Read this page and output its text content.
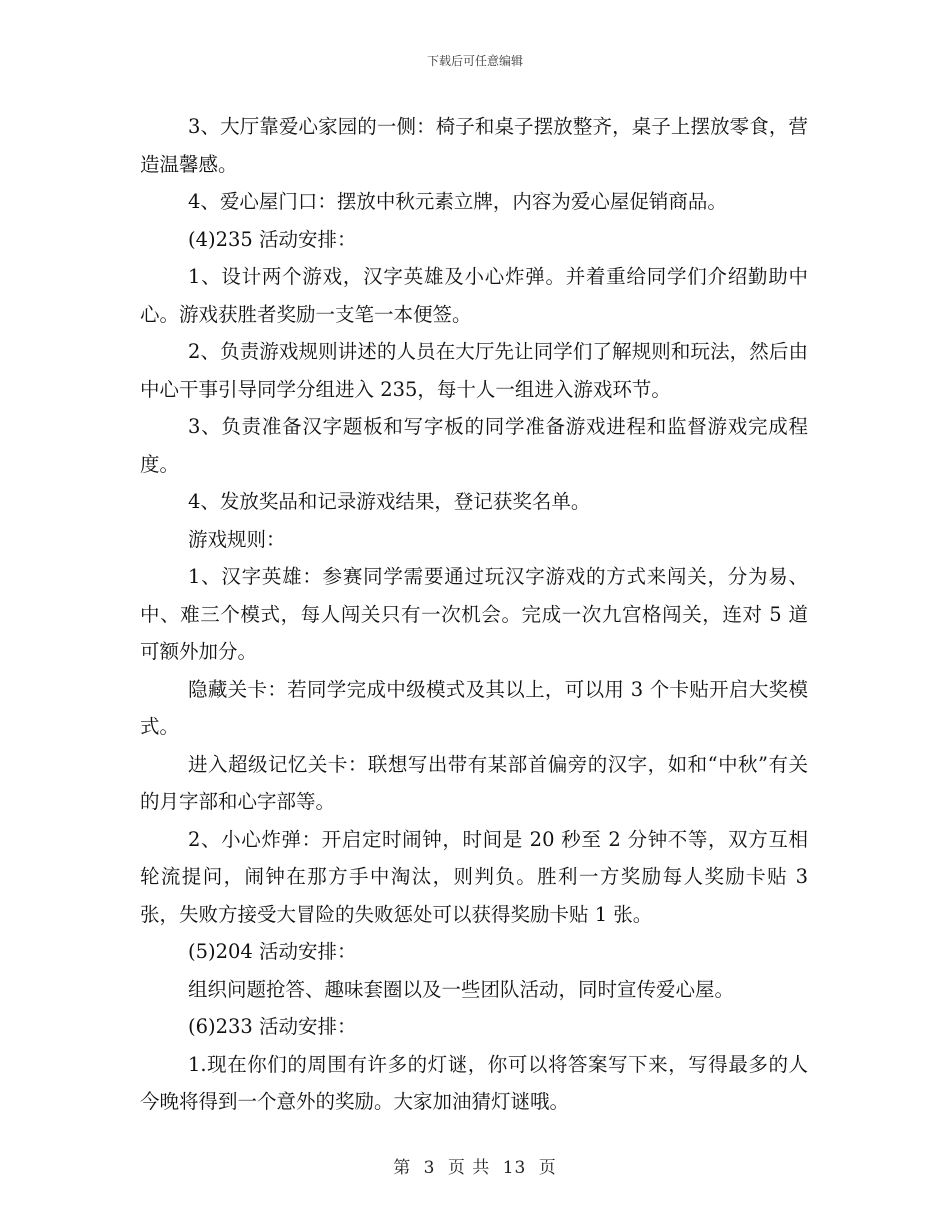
下载后可任意编辑

3、大厅靠爱心家园的一侧：椅子和桌子摆放整齐，桌子上摆放零食，营造温馨感。

4、爱心屋门口：摆放中秋元素立牌，内容为爱心屋促销商品。

(4)235 活动安排：

1、设计两个游戏，汉字英雄及小心炸弹。并着重给同学们介绍勤助中心。游戏获胜者奖励一支笔一本便签。

2、负责游戏规则讲述的人员在大厅先让同学们了解规则和玩法，然后由中心干事引导同学分组进入 235，每十人一组进入游戏环节。

3、负责准备汉字题板和写字板的同学准备游戏进程和监督游戏完成程度。

4、发放奖品和记录游戏结果，登记获奖名单。

游戏规则：

1、汉字英雄：参赛同学需要通过玩汉字游戏的方式来闯关，分为易、中、难三个模式，每人闯关只有一次机会。完成一次九宫格闯关，连对 5 道可额外加分。

隐藏关卡：若同学完成中级模式及其以上，可以用 3 个卡贴开启大奖模式。

进入超级记忆关卡：联想写出带有某部首偏旁的汉字，如和“中秋”有关的月字部和心字部等。

2、小心炸弹：开启定时闹钟，时间是 20 秒至 2 分钟不等，双方互相轮流提问，闹钟在那方手中淘汰，则判负。胜利一方奖励每人奖励卡贴 3 张，失败方接受大冒险的失败惩处可以获得奖励卡贴 1 张。

(5)204 活动安排：

组织问题抢答、趣味套圈以及一些团队活动，同时宣传爱心屋。

(6)233 活动安排：

1.现在你们的周围有许多的灯谜，你可以将答案写下来，写得最多的人今晚将得到一个意外的奖励。大家加油猜灯谜哦。

第 3 页 共 13 页
